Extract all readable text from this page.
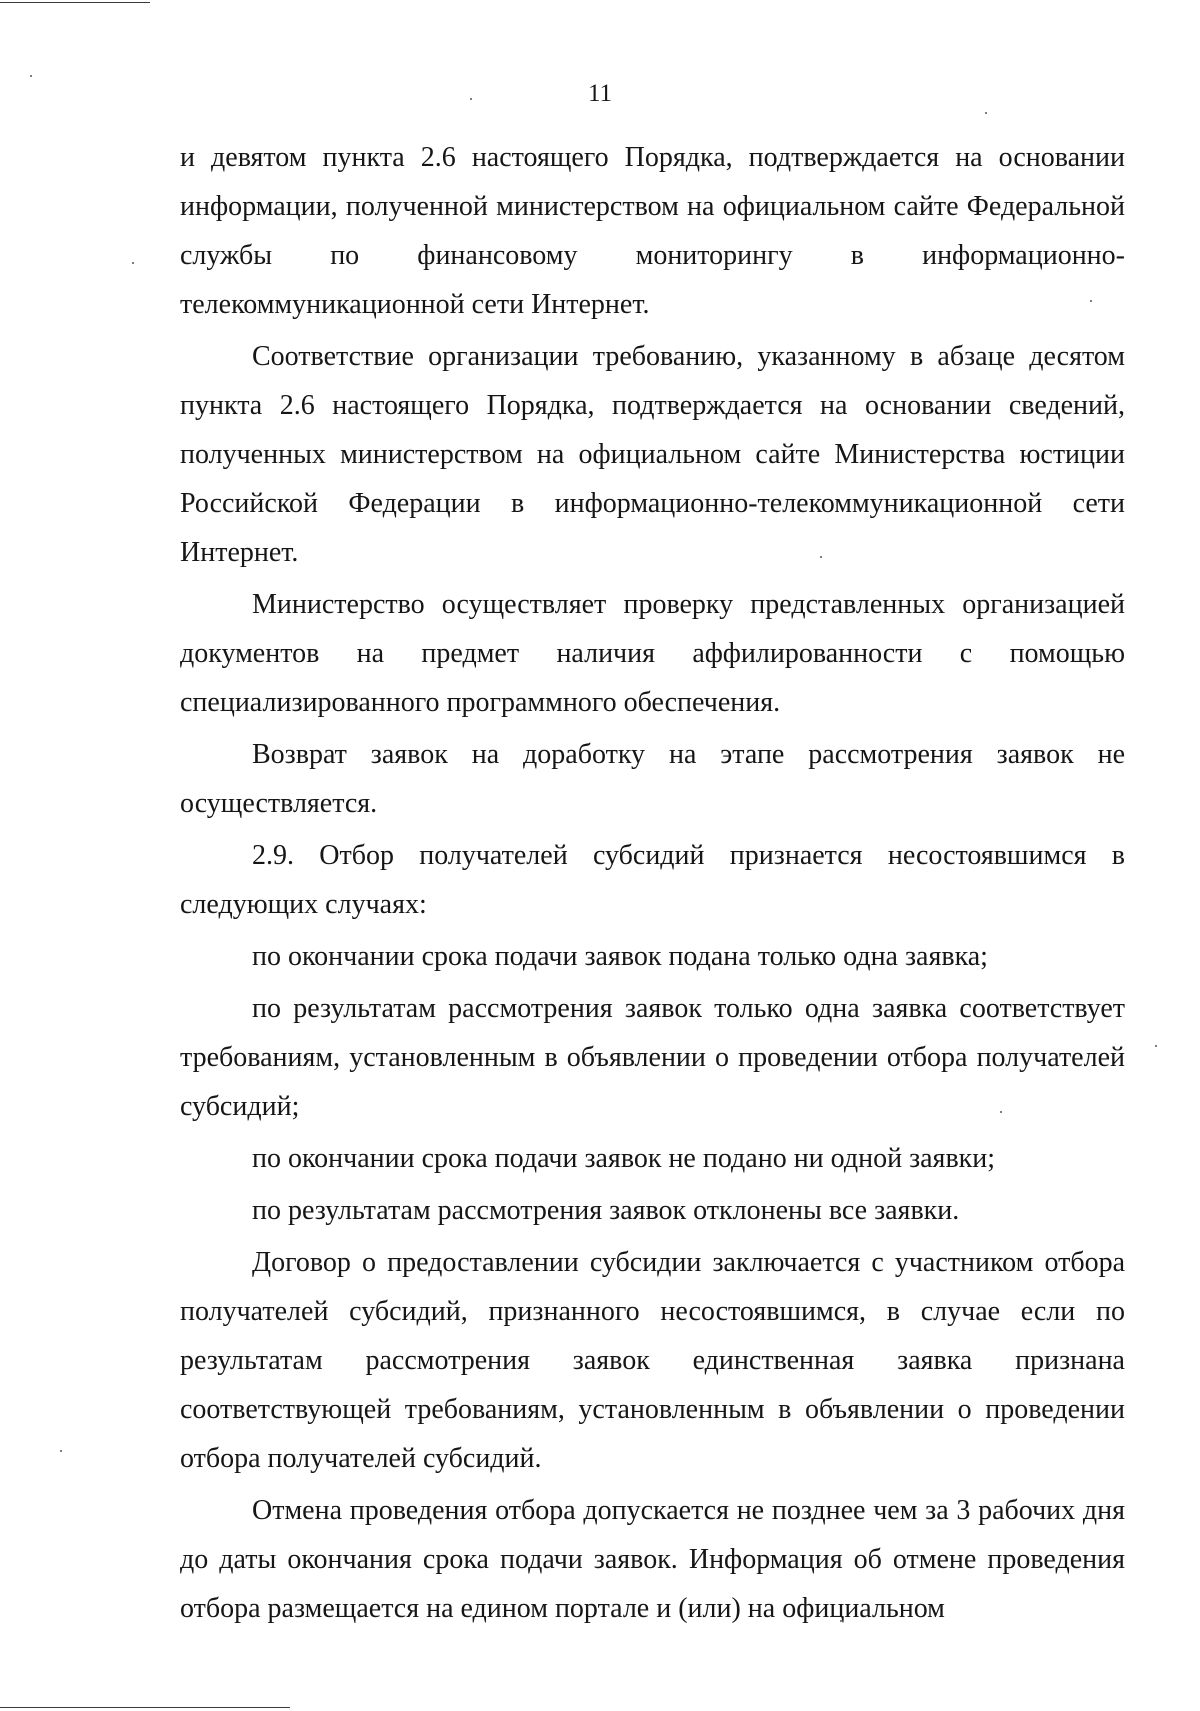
11

и девятом пункта 2.6 настоящего Порядка, подтверждается на основании информации, полученной министерством на официальном сайте Федеральной службы по финансовому мониторингу в информационно-телекоммуникационной сети Интернет.

Соответствие организации требованию, указанному в абзаце десятом пункта 2.6 настоящего Порядка, подтверждается на основании сведений, полученных министерством на официальном сайте Министерства юстиции Российской Федерации в информационно-телекоммуникационной сети Интернет.

Министерство осуществляет проверку представленных организацией документов на предмет наличия аффилированности с помощью специализированного программного обеспечения.

Возврат заявок на доработку на этапе рассмотрения заявок не осуществляется.

2.9. Отбор получателей субсидий признается несостоявшимся в следующих случаях:

по окончании срока подачи заявок подана только одна заявка;

по результатам рассмотрения заявок только одна заявка соответствует требованиям, установленным в объявлении о проведении отбора получателей субсидий;

по окончании срока подачи заявок не подано ни одной заявки;

по результатам рассмотрения заявок отклонены все заявки.

Договор о предоставлении субсидии заключается с участником отбора получателей субсидий, признанного несостоявшимся, в случае если по результатам рассмотрения заявок единственная заявка признана соответствующей требованиям, установленным в объявлении о проведении отбора получателей субсидий.

Отмена проведения отбора допускается не позднее чем за 3 рабочих дня до даты окончания срока подачи заявок. Информация об отмене проведения отбора размещается на едином портале и (или) на официальном
